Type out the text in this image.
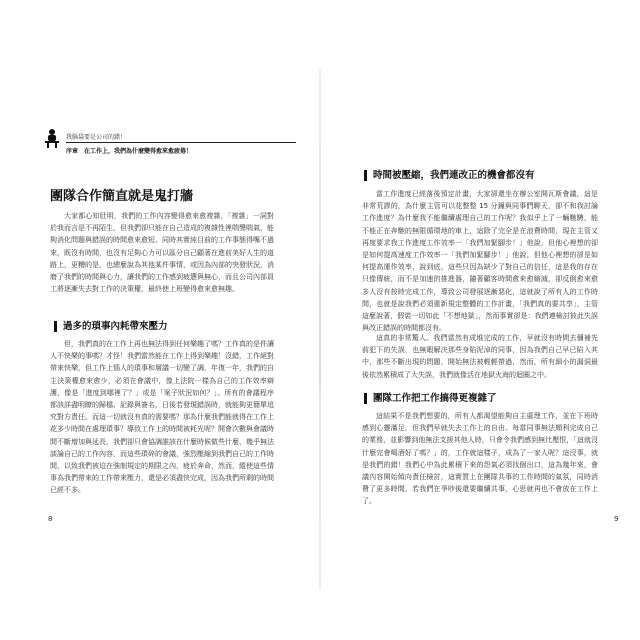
我腦袋要是公司的錯！
序章　在工作上，我們為什麼變得愈來愈疲倦！
團隊合作簡直就是鬼打牆
大家都心知肚明，我們的工作內容變得愈來愈複雜，「複雜」一詞對於我而言是不再陌生，但我們卻只能在自己造成的複雜性裡喘聲喘氣，能夠消化問題與錯誤的時間愈來愈短。同時其實純目前的工作事態得嘴不過來，既沒有時間，也沒有足夠心力可以區分自己顧著在進前美好人生的道路上，更糟的是，也總麼說為其他某件事情，或因為內部的突發狀況，消磨了我們的時間與心力，讓我們的工作感到疲憊與無心，而且公司內部員工將逐漸失去對工作的決策權，最終使上班變得愈來愈無趣。
過多的瑣事內耗帶來壓力
但，我們真的在工作上再也無法得到任何樂趣了嗎？工作真的是件讓人不快樂的事嗎？才怪！我們當然能在工作上得到樂趣！沒錯，工作絕對帶來快樂，但工作上惱人的瑣事和層議一切變了調，年復一年，我們的自主決策權愈來愈少，必須在會議中，像上法院一樣為自己的工作效率辯護，像是「進度到哪裡了？」或是「案子狀況如何？」。所有的會議程序都該詳盡明瞭的歸檔、記錄與簽名，日後若發現錯誤時，就能夠更簡單追究對方責任。而這一切就沒有真的需要嗎？那為什麼我們能就得在工作上花多少時間在處理瑣事？導致工作上的時間被耗光呢？開會次數與會議時間不斷增加與延長，我們卻只會協調誰該在什麼時候做些什麼，幾乎無法談論自己的工作內容，而這些瑣碎的會議，強烈壓縮到我們自己的工作時間，以致我們被迫在強制規定的期限之內，疲於奔命，然而，縱使這些情事為我們帶來的工作帶來壓力，還是必須盡快完成，因為我們所剩的時間已經不多。
8
時間被壓縮，我們連改正的機會都沒有
當工作進度已經落後預定計畫，大家卻還坐在辦公室開瓦斯會議，這是非常荒謬的，為什麼主管可以花整整 15 分鐘與同事們聊天，卻不和我討論工作進度？為什麼我不能繼續處理自己的工作呢？我似乎上了一輛馳騁，能不能正在奔馳的無限循環地的車上，這除了完全是在浪費時間，現在主管又再度要求我工作進度工作效率一「我們加緊腳步！」他說，但他心裡想的卻是如何提高速度工作效率一「我們加緊腳步！」他說，但他心裡想的卻是如何提高運作效率，說到底，這些只因為缺少了對自己的信任，這是我的存在只像傳統，而不是加速的推進器，隨著顧客時間愈來愈縮減，卻反倒愈來愈多人沒有按時完成工作，導致公司發展逐漸惡化，這就說了所有人的工作時間，也就是說我們必須重新規定整體的工作計畫，「我們真的要共享」，主管這麼說著，假裝一切如此「不想地獄」，然而事實卻是：我們連檢討彼此失誤與改正錯誤的時間都沒有。
這真的非常驚人。我們當然有成堆完成的工作，早就沒有時間去彌補先前犯下的失誤，也無暇解決那些身陷泥淖的同事，因為我們自己早已陷入其中，那些不斷出現的問題，開始無法被輕輕帶過，然而，所有細小的漏洞最後依然累積成了大失誤，我們就像活在地獄火海的迴圈之中。
團隊工作把工作搞得更複雜了
這結果不是我們想要的，所有人都渴望能夠自主處理工作，並在下班時感到心靈滿足，但我們早就失去工作上的自由。每當同事無法順利完成自己的業務，並影響到他無法支援其他人時，只會令我們感到無比壓恨，「這就沒什麼完會喝酒好了嗎？」的，工作就這樣子，成為了一家人呢？這沒事，就是我們的錯！我們心中為此累積下來的怨氣必須找個出口，這為幾年來，會議內容開始傾向責任檢討，這實質上在團隊共事的工作時間的氣氛，同時消費了更多時間，若我們在爭吵後還要繼續共事，心思就再也不會放在工作上了。
9
